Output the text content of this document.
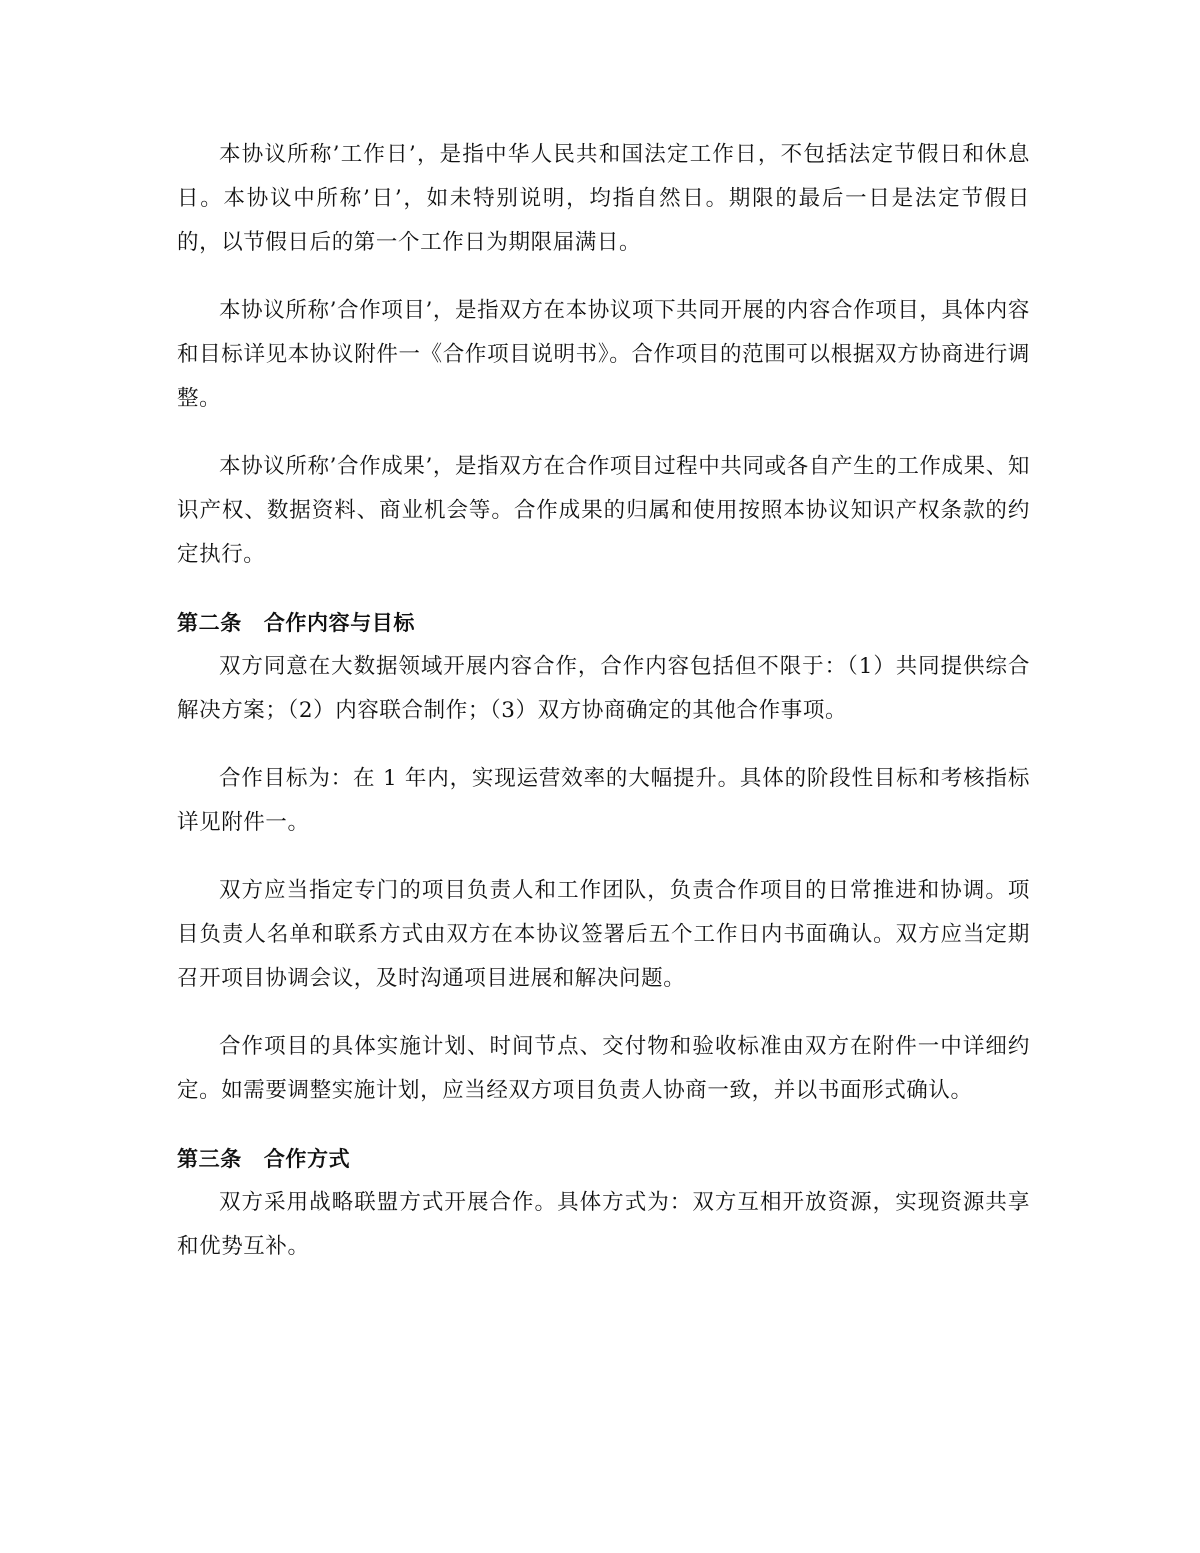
本协议所称’工作日’，是指中华人民共和国法定工作日，不包括法定节假日和休息日。本协议中所称’日’，如未特别说明，均指自然日。期限的最后一日是法定节假日的，以节假日后的第一个工作日为期限届满日。

本协议所称’合作项目’，是指双方在本协议项下共同开展的内容合作项目，具体内容和目标详见本协议附件一《合作项目说明书》。合作项目的范围可以根据双方协商进行调整。

本协议所称’合作成果’，是指双方在合作项目过程中共同或各自产生的工作成果、知识产权、数据资料、商业机会等。合作成果的归属和使用按照本协议知识产权条款的约定执行。

第二条 合作内容与目标

双方同意在大数据领域开展内容合作，合作内容包括但不限于：（1）共同提供综合解决方案；（2）内容联合制作；（3）双方协商确定的其他合作事项。

合作目标为：在 1 年内，实现运营效率的大幅提升。具体的阶段性目标和考核指标详见附件一。

双方应当指定专门的项目负责人和工作团队，负责合作项目的日常推进和协调。项目负责人名单和联系方式由双方在本协议签署后五个工作日内书面确认。双方应当定期召开项目协调会议，及时沟通项目进展和解决问题。

合作项目的具体实施计划、时间节点、交付物和验收标准由双方在附件一中详细约定。如需要调整实施计划，应当经双方项目负责人协商一致，并以书面形式确认。

第三条 合作方式

双方采用战略联盟方式开展合作。具体方式为：双方互相开放资源，实现资源共享和优势互补。
